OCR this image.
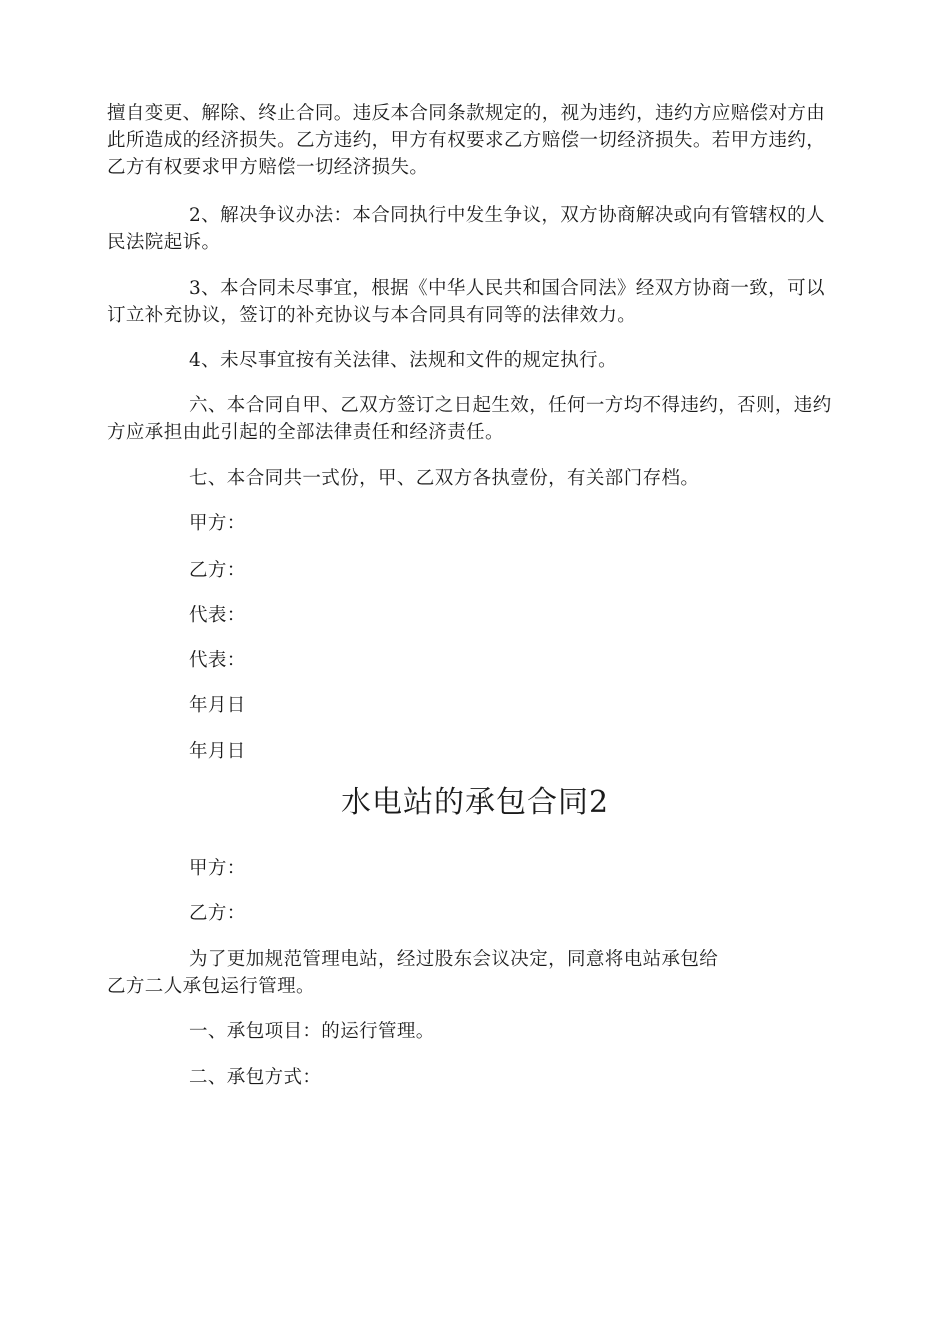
擅自变更、解除、终止合同。违反本合同条款规定的，视为违约，违约方应赔偿对方由此所造成的经济损失。乙方违约，甲方有权要求乙方赔偿一切经济损失。若甲方违约，乙方有权要求甲方赔偿一切经济损失。

2、解决争议办法：本合同执行中发生争议，双方协商解决或向有管辖权的人民法院起诉。

3、本合同未尽事宜，根据《中华人民共和国合同法》经双方协商一致，可以订立补充协议，签订的补充协议与本合同具有同等的法律效力。

4、未尽事宜按有关法律、法规和文件的规定执行。

六、本合同自甲、乙双方签订之日起生效，任何一方均不得违约，否则，违约方应承担由此引起的全部法律责任和经济责任。

七、本合同共一式份，甲、乙双方各执壹份，有关部门存档。

甲方：

乙方：

代表：

代表：

年月日

年月日

水电站的承包合同2

甲方：

乙方：

为了更加规范管理电站，经过股东会议决定，同意将电站承包给乙方二人承包运行管理。

一、承包项目：的运行管理。

二、承包方式：
